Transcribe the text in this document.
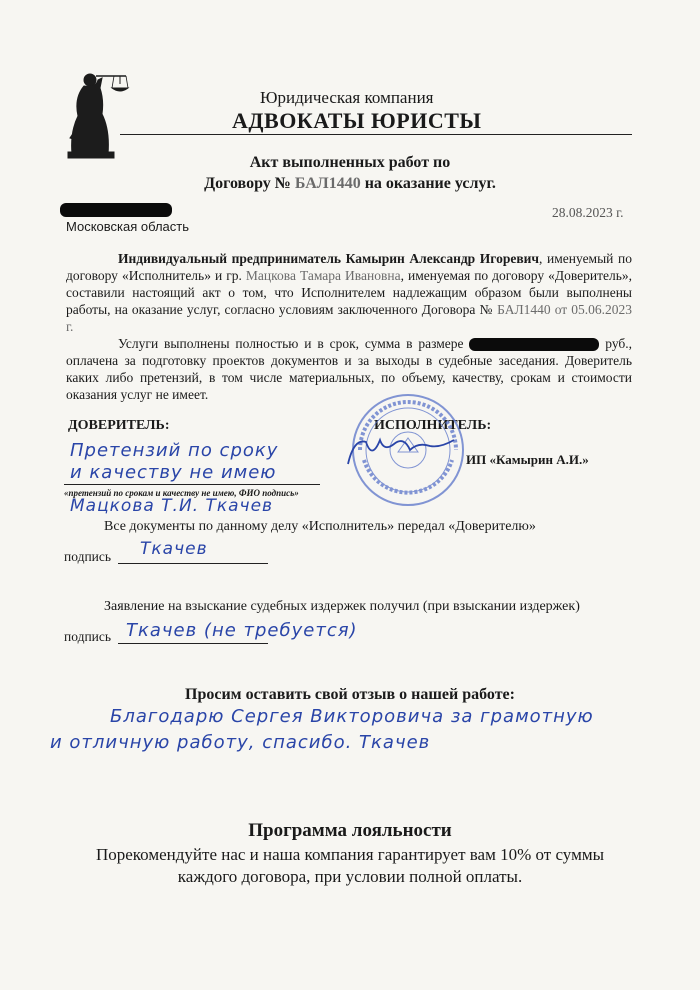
Юридическая компания
АДВОКАТЫ ЮРИСТЫ
Акт выполненных работ по
Договору № БАЛ1440 на оказание услуг.
Московская область
28.08.2023 г.
Индивидуальный предприниматель Камырин Александр Игоревич, именуемый по договору «Исполнитель» и гр. Мацкова Тамара Ивановна, именуемая по договору «Доверитель», составили настоящий акт о том, что Исполнителем надлежащим образом были выполнены работы, на оказание услуг, согласно условиям заключенного Договора № БАЛ1440 от 05.06.2023 г.
Услуги выполнены полностью и в срок, сумма в размере	руб., оплачена за подготовку проектов документов и за выходы в судебные заседания. Доверитель каких либо претензий, в том числе материальных, по объему, качеству, срокам и стоимости оказания услуг не имеет.
ДОВЕРИТЕЛЬ:	ИСПОЛНИТЕЛЬ:
ИП «Камырин А.И.»
Претензий по сроку
и качеству не имею
«претензий по срокам и качеству не имею, ФИО подпись»
Мацкова Т.И. Ткачев
Все документы по данному делу «Исполнитель» передал «Доверителю»
подпись Ткачев
Заявление на взыскание судебных издержек получил (при взыскании издержек)
подпись Ткачев (не требуется)
Просим оставить свой отзыв о нашей работе:
Благодарю Сергея Викторовича за грамотную
и отличную работу, спасибо. Ткачев
Программа лояльности
Порекомендуйте нас и наша компания гарантирует вам 10% от суммы
каждого договора, при условии полной оплаты.
